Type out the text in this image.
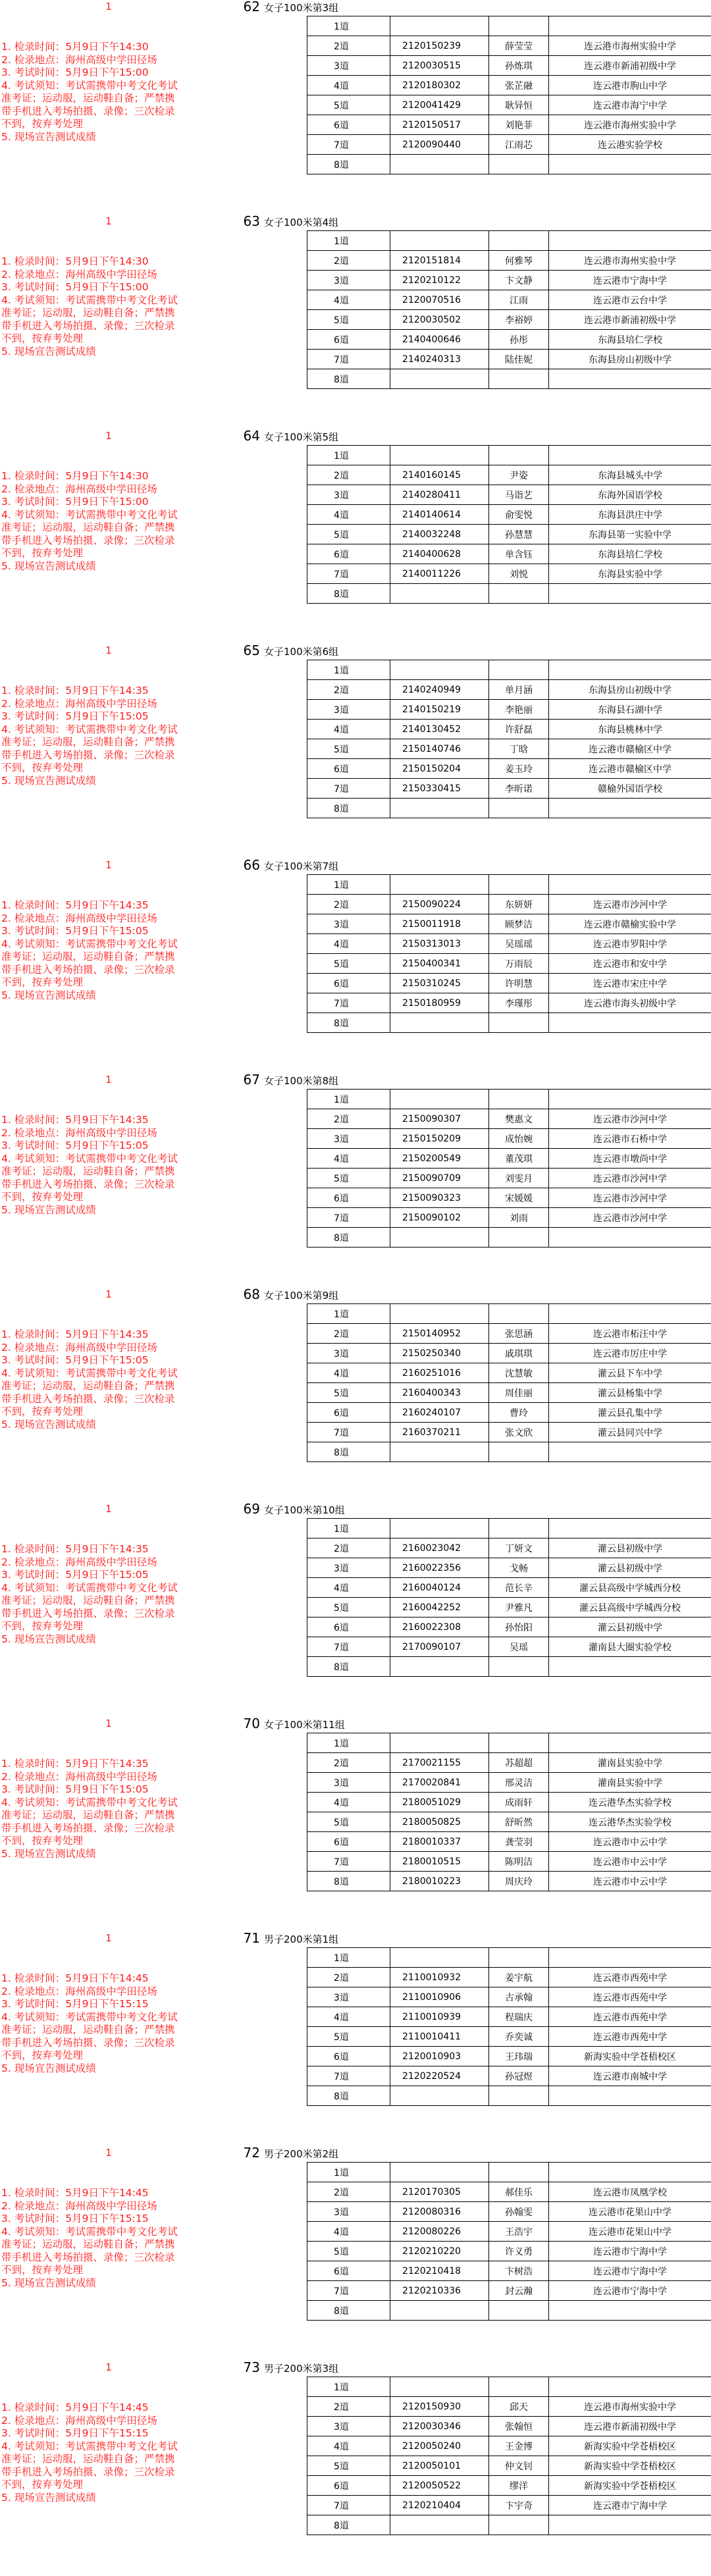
1
1. 检录时间：5月9日下午14:30
2. 检录地点：海州高级中学田径场
3. 考试时间：5月9日下午15:00
4. 考试须知：考试需携带中考文化考试
准考证；运动服，运动鞋自备；严禁携
带手机进入考场拍摄、录像；三次检录
不到，按弃考处理
5. 现场宣告测试成绩
62 女子100米第3组
	1道			
	2道	2120150239	薛莹莹	连云港市海州实验中学
	3道	2120030515	孙炼琪	连云港市新浦初级中学
	4道	2120180302	张芷融	连云港市朐山中学
	5道	2120041429	耿异恒	连云港市海宁中学
	6道	2120150517	刘艳菲	连云港市海州实验中学
	7道	2120090440	江雨芯	连云港实验学校
	8道			
1
1. 检录时间：5月9日下午14:30
2. 检录地点：海州高级中学田径场
3. 考试时间：5月9日下午15:00
4. 考试须知：考试需携带中考文化考试
准考证；运动服，运动鞋自备；严禁携
带手机进入考场拍摄、录像；三次检录
不到，按弃考处理
5. 现场宣告测试成绩
63 女子100米第4组
	1道			
	2道	2120151814	何雅琴	连云港市海州实验中学
	3道	2120210122	卞文静	连云港市宁海中学
	4道	2120070516	江雨	连云港市云台中学
	5道	2120030502	李裕婷	连云港市新浦初级中学
	6道	2140400646	孙彤	东海县培仁学校
	7道	2140240313	陆佳妮	东海县房山初级中学
	8道			
1
1. 检录时间：5月9日下午14:30
2. 检录地点：海州高级中学田径场
3. 考试时间：5月9日下午15:00
4. 考试须知：考试需携带中考文化考试
准考证；运动服，运动鞋自备；严禁携
带手机进入考场拍摄、录像；三次检录
不到，按弃考处理
5. 现场宣告测试成绩
64 女子100米第5组
	1道			
	2道	2140160145	尹姿	东海县城头中学
	3道	2140280411	马诣艺	东海外国语学校
	4道	2140140614	俞雯悦	东海县洪庄中学
	5道	2140032248	孙慧慧	东海县第一实验中学
	6道	2140400628	单含钰	东海县培仁学校
	7道	2140011226	刘悦	东海县实验中学
	8道			
1
1. 检录时间：5月9日下午14:35
2. 检录地点：海州高级中学田径场
3. 考试时间：5月9日下午15:05
4. 考试须知：考试需携带中考文化考试
准考证；运动服，运动鞋自备；严禁携
带手机进入考场拍摄、录像；三次检录
不到，按弃考处理
5. 现场宣告测试成绩
65 女子100米第6组
	1道			
	2道	2140240949	单月涵	东海县房山初级中学
	3道	2140150219	李艳丽	东海县石湖中学
	4道	2140130452	许舒磊	东海县桃林中学
	5道	2150140746	丁晗	连云港市赣榆区中学
	6道	2150150204	姜玉玲	连云港市赣榆区中学
	7道	2150330415	李昕诺	赣榆外国语学校
	8道			
1
1. 检录时间：5月9日下午14:35
2. 检录地点：海州高级中学田径场
3. 考试时间：5月9日下午15:05
4. 考试须知：考试需携带中考文化考试
准考证；运动服，运动鞋自备；严禁携
带手机进入考场拍摄、录像；三次检录
不到，按弃考处理
5. 现场宣告测试成绩
66 女子100米第7组
	1道			
	2道	2150090224	东妍妍	连云港市沙河中学
	3道	2150011918	顾梦洁	连云港市赣榆实验中学
	4道	2150313013	吴瑶瑶	连云港市罗阳中学
	5道	2150400341	万雨辰	连云港市和安中学
	6道	2150310245	许明慧	连云港市宋庄中学
	7道	2150180959	李瑾彤	连云港市海头初级中学
	8道			
1
1. 检录时间：5月9日下午14:35
2. 检录地点：海州高级中学田径场
3. 考试时间：5月9日下午15:05
4. 考试须知：考试需携带中考文化考试
准考证；运动服，运动鞋自备；严禁携
带手机进入考场拍摄、录像；三次检录
不到，按弃考处理
5. 现场宣告测试成绩
67 女子100米第8组
	1道			
	2道	2150090307	樊惠文	连云港市沙河中学
	3道	2150150209	成怡婉	连云港市石桥中学
	4道	2150200549	董茂琪	连云港市墩尚中学
	5道	2150090709	刘雯月	连云港市沙河中学
	6道	2150090323	宋媛媛	连云港市沙河中学
	7道	2150090102	刘雨	连云港市沙河中学
	8道			
1
1. 检录时间：5月9日下午14:35
2. 检录地点：海州高级中学田径场
3. 考试时间：5月9日下午15:05
4. 考试须知：考试需携带中考文化考试
准考证；运动服，运动鞋自备；严禁携
带手机进入考场拍摄、录像；三次检录
不到，按弃考处理
5. 现场宣告测试成绩
68 女子100米第9组
	1道			
	2道	2150140952	张思涵	连云港市柘汪中学
	3道	2150250340	戚琪琪	连云港市厉庄中学
	4道	2160251016	沈慧敏	灌云县下车中学
	5道	2160400343	周佳丽	灌云县杨集中学
	6道	2160240107	曹玲	灌云县孔集中学
	7道	2160370211	张文欣	灌云县同兴中学
	8道			
1
1. 检录时间：5月9日下午14:35
2. 检录地点：海州高级中学田径场
3. 考试时间：5月9日下午15:05
4. 考试须知：考试需携带中考文化考试
准考证；运动服，运动鞋自备；严禁携
带手机进入考场拍摄、录像；三次检录
不到，按弃考处理
5. 现场宣告测试成绩
69 女子100米第10组
	1道			
	2道	2160023042	丁妍文	灌云县初级中学
	3道	2160022356	戈畅	灌云县初级中学
	4道	2160040124	范长辛	灌云县高级中学城西分校
	5道	2160042252	尹雅凡	灌云县高级中学城西分校
	6道	2160022308	孙怡阳	灌云县初级中学
	7道	2170090107	吴瑶	灌南县大圈实验学校
	8道			
1
1. 检录时间：5月9日下午14:35
2. 检录地点：海州高级中学田径场
3. 考试时间：5月9日下午15:05
4. 考试须知：考试需携带中考文化考试
准考证；运动服，运动鞋自备；严禁携
带手机进入考场拍摄、录像；三次检录
不到，按弃考处理
5. 现场宣告测试成绩
70 女子100米第11组
	1道			
	2道	2170021155	苏超超	灌南县实验中学
	3道	2170020841	邢灵洁	灌南县实验中学
	4道	2180051029	成雨轩	连云港华杰实验学校
	5道	2180050825	舒昕然	连云港华杰实验学校
	6道	2180010337	龚莹羽	连云港市中云中学
	7道	2180010515	陈明洁	连云港市中云中学
	8道	2180010223	周庆玲	连云港市中云中学
1
1. 检录时间：5月9日下午14:45
2. 检录地点：海州高级中学田径场
3. 考试时间：5月9日下午15:15
4. 考试须知：考试需携带中考文化考试
准考证；运动服，运动鞋自备；严禁携
带手机进入考场拍摄、录像；三次检录
不到，按弃考处理
5. 现场宣告测试成绩
71 男子200米第1组
	1道			
	2道	2110010932	姜宇航	连云港市西苑中学
	3道	2110010906	古承翰	连云港市西苑中学
	4道	2110010939	程瑞庆	连云港市西苑中学
	5道	2110010411	乔奕诚	连云港市西苑中学
	6道	2120010903	王玮瑞	新海实验中学苍梧校区
	7道	2120220524	孙冠煜	连云港市南城中学
	8道			
1
1. 检录时间：5月9日下午14:45
2. 检录地点：海州高级中学田径场
3. 考试时间：5月9日下午15:15
4. 考试须知：考试需携带中考文化考试
准考证；运动服，运动鞋自备；严禁携
带手机进入考场拍摄、录像；三次检录
不到，按弃考处理
5. 现场宣告测试成绩
72 男子200米第2组
	1道			
	2道	2120170305	郝佳乐	连云港市凤凰学校
	3道	2120080316	孙翰雯	连云港市花果山中学
	4道	2120080226	王浩宇	连云港市花果山中学
	5道	2120210220	许义勇	连云港市宁海中学
	6道	2120210418	卞树浩	连云港市宁海中学
	7道	2120210336	封云瀚	连云港市宁海中学
	8道			
1
1. 检录时间：5月9日下午14:45
2. 检录地点：海州高级中学田径场
3. 考试时间：5月9日下午15:15
4. 考试须知：考试需携带中考文化考试
准考证；运动服，运动鞋自备；严禁携
带手机进入考场拍摄、录像；三次检录
不到，按弃考处理
5. 现场宣告测试成绩
73 男子200米第3组
	1道			
	2道	2120150930	邱天	连云港市海州实验中学
	3道	2120030346	张翰恒	连云港市新浦初级中学
	4道	2120050240	王金博	新海实验中学苍梧校区
	5道	2120050101	仲文钊	新海实验中学苍梧校区
	6道	2120050522	缪洋	新海实验中学苍梧校区
	7道	2120210404	卞宇奇	连云港市宁海中学
	8道			
